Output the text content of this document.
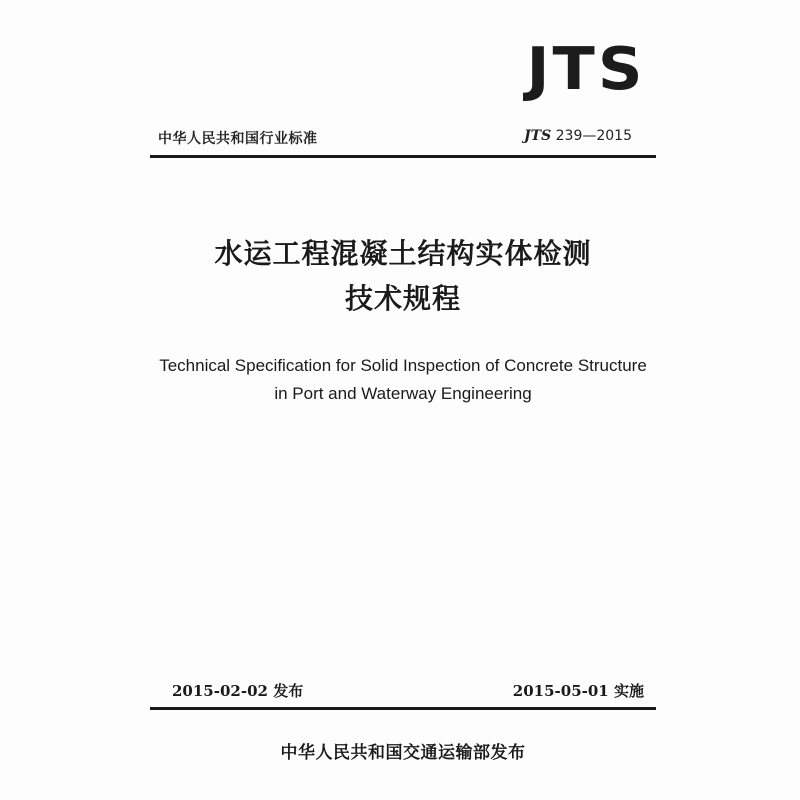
JTS
中华人民共和国行业标准	JTS 239—2015
水运工程混凝土结构实体检测
技术规程
Technical Specification for Solid Inspection of Concrete Structure
in Port and Waterway Engineering
2015-02-02 发布	2015-05-01 实施
中华人民共和国交通运输部发布
